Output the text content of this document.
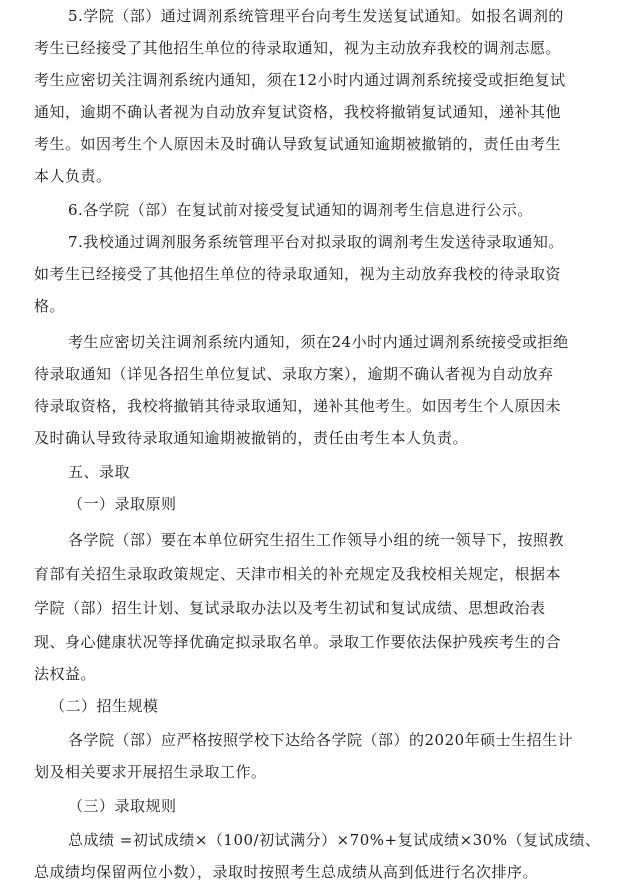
5.学院（部）通过调剂系统管理平台向考生发送复试通知。如报名调剂的
考生已经接受了其他招生单位的待录取通知，视为主动放弃我校的调剂志愿。
考生应密切关注调剂系统内通知，须在12小时内通过调剂系统接受或拒绝复试
通知，逾期不确认者视为自动放弃复试资格，我校将撤销复试通知，递补其他
考生。如因考生个人原因未及时确认导致复试通知逾期被撤销的，责任由考生
本人负责。
6.各学院（部）在复试前对接受复试通知的调剂考生信息进行公示。
7.我校通过调剂服务系统管理平台对拟录取的调剂考生发送待录取通知。
如考生已经接受了其他招生单位的待录取通知，视为主动放弃我校的待录取资
格。
考生应密切关注调剂系统内通知，须在24小时内通过调剂系统接受或拒绝
待录取通知（详见各招生单位复试、录取方案），逾期不确认者视为自动放弃
待录取资格，我校将撤销其待录取通知，递补其他考生。如因考生个人原因未
及时确认导致待录取通知逾期被撤销的，责任由考生本人负责。
五、录取
（一）录取原则
各学院（部）要在本单位研究生招生工作领导小组的统一领导下，按照教
育部有关招生录取政策规定、天津市相关的补充规定及我校相关规定，根据本
学院（部）招生计划、复试录取办法以及考生初试和复试成绩、思想政治表
现、身心健康状况等择优确定拟录取名单。录取工作要依法保护残疾考生的合
法权益。
（二）招生规模
各学院（部）应严格按照学校下达给各学院（部）的2020年硕士生招生计
划及相关要求开展招生录取工作。
（三）录取规则
总成绩 =初试成绩×（100/初试满分）×70%+复试成绩×30%（复试成绩、
总成绩均保留两位小数），录取时按照考生总成绩从高到低进行名次排序。
